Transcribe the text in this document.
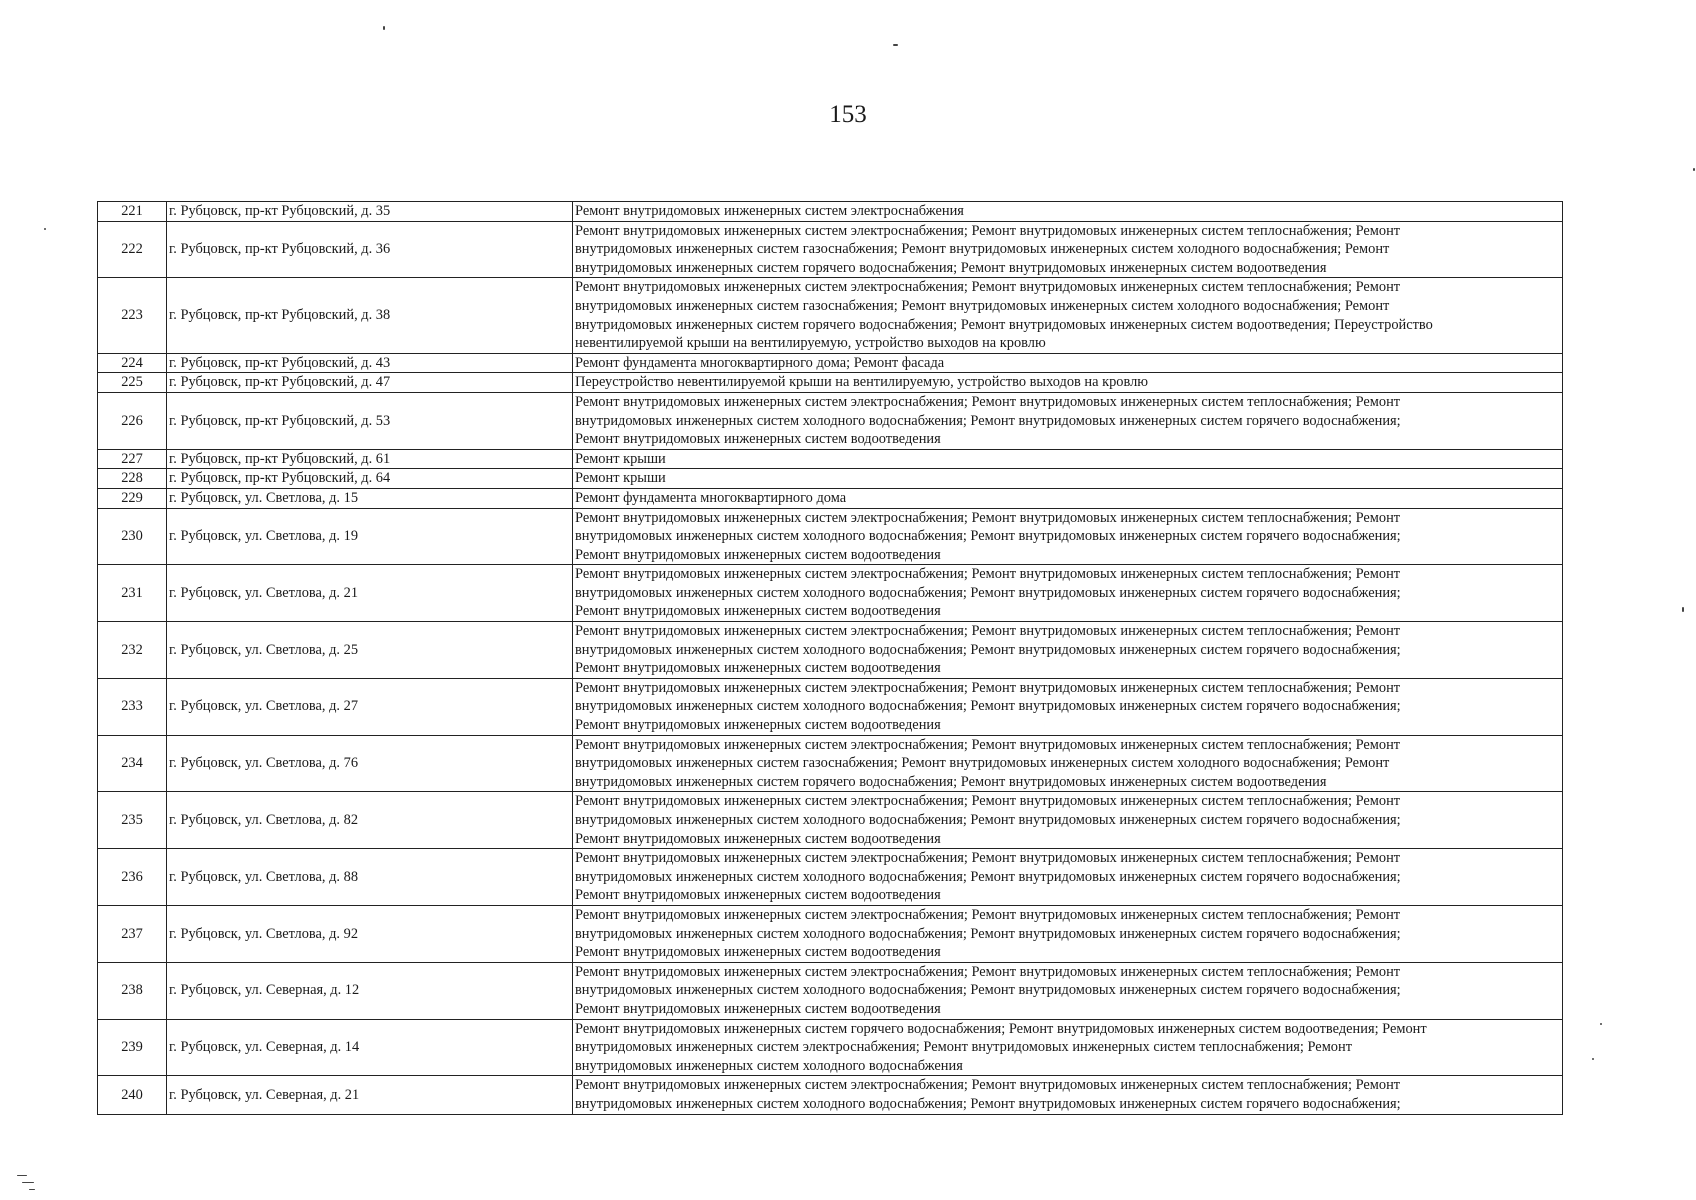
153
221	г. Рубцовск, пр-кт Рубцовский, д. 35	Ремонт внутридомовых инженерных систем электроснабжения

222	г. Рубцовск, пр-кт Рубцовский, д. 36	Ремонт внутридомовых инженерных систем электроснабжения; Ремонт внутридомовых инженерных систем теплоснабжения; Ремонт
внутридомовых инженерных систем газоснабжения; Ремонт внутридомовых инженерных систем холодного водоснабжения; Ремонт
внутридомовых инженерных систем горячего водоснабжения; Ремонт внутридомовых инженерных систем водоотведения

223	г. Рубцовск, пр-кт Рубцовский, д. 38	Ремонт внутридомовых инженерных систем электроснабжения; Ремонт внутридомовых инженерных систем теплоснабжения; Ремонт
внутридомовых инженерных систем газоснабжения; Ремонт внутридомовых инженерных систем холодного водоснабжения; Ремонт
внутридомовых инженерных систем горячего водоснабжения; Ремонт внутридомовых инженерных систем водоотведения; Переустройство
невентилируемой крыши на вентилируемую, устройство выходов на кровлю

224	г. Рубцовск, пр-кт Рубцовский, д. 43	Ремонт фундамента многоквартирного дома; Ремонт фасада

225	г. Рубцовск, пр-кт Рубцовский, д. 47	Переустройство невентилируемой крыши на вентилируемую, устройство выходов на кровлю

226	г. Рубцовск, пр-кт Рубцовский, д. 53	Ремонт внутридомовых инженерных систем электроснабжения; Ремонт внутридомовых инженерных систем теплоснабжения; Ремонт
внутридомовых инженерных систем холодного водоснабжения; Ремонт внутридомовых инженерных систем горячего водоснабжения;
Ремонт внутридомовых инженерных систем водоотведения

227	г. Рубцовск, пр-кт Рубцовский, д. 61	Ремонт крыши

228	г. Рубцовск, пр-кт Рубцовский, д. 64	Ремонт крыши

229	г. Рубцовск, ул. Светлова, д. 15	Ремонт фундамента многоквартирного дома

230	г. Рубцовск, ул. Светлова, д. 19	Ремонт внутридомовых инженерных систем электроснабжения; Ремонт внутридомовых инженерных систем теплоснабжения; Ремонт
внутридомовых инженерных систем холодного водоснабжения; Ремонт внутридомовых инженерных систем горячего водоснабжения;
Ремонт внутридомовых инженерных систем водоотведения

231	г. Рубцовск, ул. Светлова, д. 21	Ремонт внутридомовых инженерных систем электроснабжения; Ремонт внутридомовых инженерных систем теплоснабжения; Ремонт
внутридомовых инженерных систем холодного водоснабжения; Ремонт внутридомовых инженерных систем горячего водоснабжения;
Ремонт внутридомовых инженерных систем водоотведения

232	г. Рубцовск, ул. Светлова, д. 25	Ремонт внутридомовых инженерных систем электроснабжения; Ремонт внутридомовых инженерных систем теплоснабжения; Ремонт
внутридомовых инженерных систем холодного водоснабжения; Ремонт внутридомовых инженерных систем горячего водоснабжения;
Ремонт внутридомовых инженерных систем водоотведения

233	г. Рубцовск, ул. Светлова, д. 27	Ремонт внутридомовых инженерных систем электроснабжения; Ремонт внутридомовых инженерных систем теплоснабжения; Ремонт
внутридомовых инженерных систем холодного водоснабжения; Ремонт внутридомовых инженерных систем горячего водоснабжения;
Ремонт внутридомовых инженерных систем водоотведения

234	г. Рубцовск, ул. Светлова, д. 76	Ремонт внутридомовых инженерных систем электроснабжения; Ремонт внутридомовых инженерных систем теплоснабжения; Ремонт
внутридомовых инженерных систем газоснабжения; Ремонт внутридомовых инженерных систем холодного водоснабжения; Ремонт
внутридомовых инженерных систем горячего водоснабжения; Ремонт внутридомовых инженерных систем водоотведения

235	г. Рубцовск, ул. Светлова, д. 82	Ремонт внутридомовых инженерных систем электроснабжения; Ремонт внутридомовых инженерных систем теплоснабжения; Ремонт
внутридомовых инженерных систем холодного водоснабжения; Ремонт внутридомовых инженерных систем горячего водоснабжения;
Ремонт внутридомовых инженерных систем водоотведения

236	г. Рубцовск, ул. Светлова, д. 88	Ремонт внутридомовых инженерных систем электроснабжения; Ремонт внутридомовых инженерных систем теплоснабжения; Ремонт
внутридомовых инженерных систем холодного водоснабжения; Ремонт внутридомовых инженерных систем горячего водоснабжения;
Ремонт внутридомовых инженерных систем водоотведения

237	г. Рубцовск, ул. Светлова, д. 92	Ремонт внутридомовых инженерных систем электроснабжения; Ремонт внутридомовых инженерных систем теплоснабжения; Ремонт
внутридомовых инженерных систем холодного водоснабжения; Ремонт внутридомовых инженерных систем горячего водоснабжения;
Ремонт внутридомовых инженерных систем водоотведения

238	г. Рубцовск, ул. Северная, д. 12	Ремонт внутридомовых инженерных систем электроснабжения; Ремонт внутридомовых инженерных систем теплоснабжения; Ремонт
внутридомовых инженерных систем холодного водоснабжения; Ремонт внутридомовых инженерных систем горячего водоснабжения;
Ремонт внутридомовых инженерных систем водоотведения

239	г. Рубцовск, ул. Северная, д. 14	Ремонт внутридомовых инженерных систем горячего водоснабжения; Ремонт внутридомовых инженерных систем водоотведения; Ремонт
внутридомовых инженерных систем электроснабжения; Ремонт внутридомовых инженерных систем теплоснабжения; Ремонт
внутридомовых инженерных систем холодного водоснабжения

240	г. Рубцовск, ул. Северная, д. 21	Ремонт внутридомовых инженерных систем электроснабжения; Ремонт внутридомовых инженерных систем теплоснабжения; Ремонт
внутридомовых инженерных систем холодного водоснабжения; Ремонт внутридомовых инженерных систем горячего водоснабжения;
